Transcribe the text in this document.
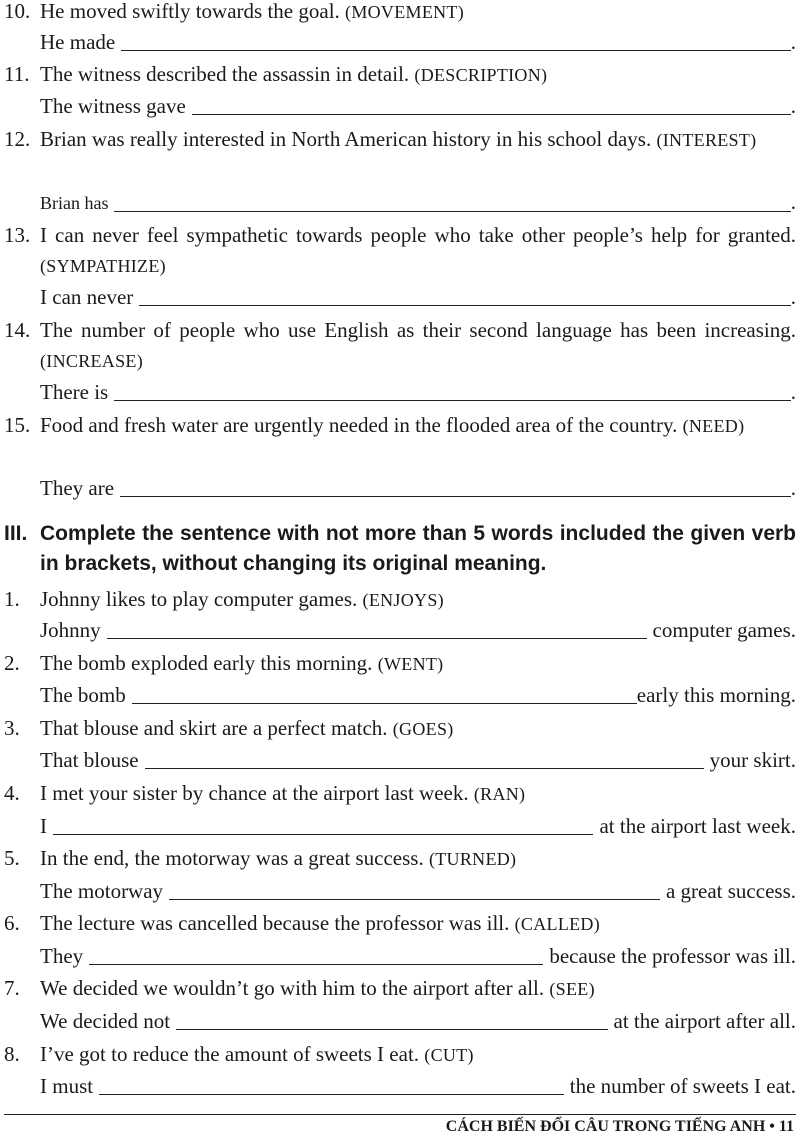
10. He moved swiftly towards the goal. (MOVEMENT)
He made	.
11. The witness described the assassin in detail. (DESCRIPTION)
The witness gave	.
12. Brian was really interested in North American history in his school days. (INTEREST)
Brian has	.
13. I can never feel sympathetic towards people who take other people’s help for granted. (SYMPATHIZE)
I can never	.
14. The number of people who use English as their second language has been increasing. (INCREASE)
There is	.
15. Food and fresh water are urgently needed in the flooded area of the country. (NEED)
They are	.
III. Complete the sentence with not more than 5 words included the given verb in brackets, without changing its original meaning.
1. Johnny likes to play computer games. (ENJOYS)
Johnny	computer games.
2. The bomb exploded early this morning. (WENT)
The bomb	early this morning.
3. That blouse and skirt are a perfect match. (GOES)
That blouse	your skirt.
4. I met your sister by chance at the airport last week. (RAN)
I	at the airport last week.
5. In the end, the motorway was a great success. (TURNED)
The motorway	a great success.
6. The lecture was cancelled because the professor was ill. (CALLED)
They	because the professor was ill.
7. We decided we wouldn’t go with him to the airport after all. (SEE)
We decided not	at the airport after all.
8. I’ve got to reduce the amount of sweets I eat. (CUT)
I must	the number of sweets I eat.
CÁCH BIẾN ĐỔI CÂU TRONG TIẾNG ANH • 11
